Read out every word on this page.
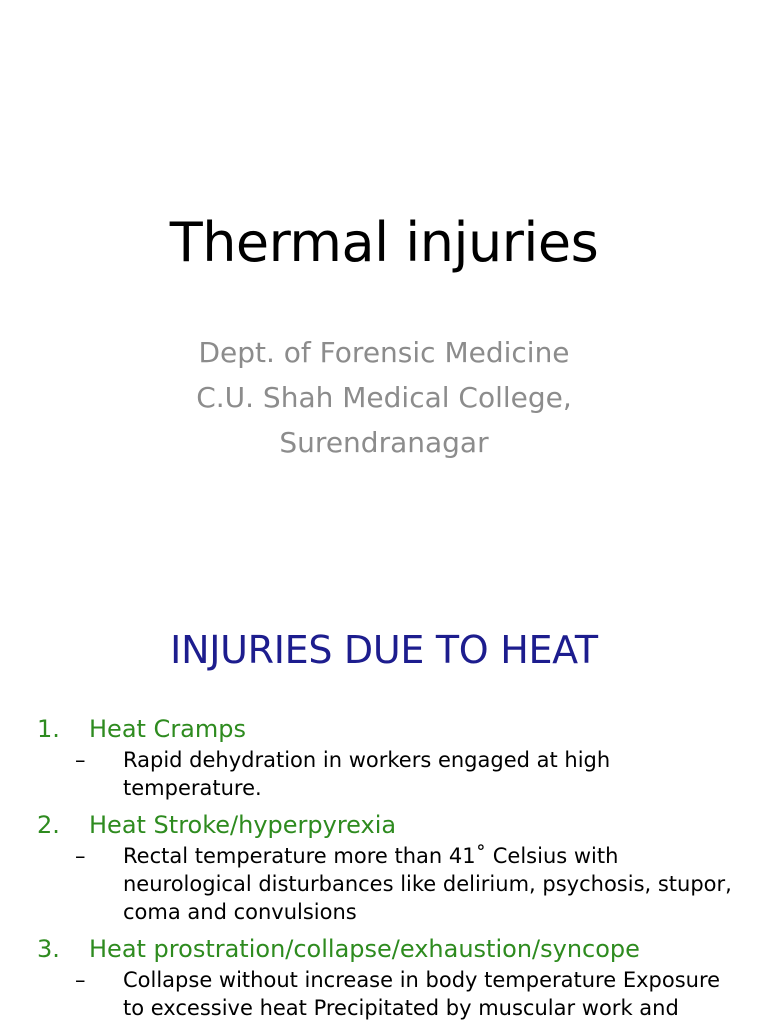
Thermal injuries
Dept. of Forensic Medicine
C.U. Shah Medical College,
Surendranagar
INJURIES DUE TO HEAT
1. Heat Cramps
– Rapid dehydration in workers engaged at high
temperature.
2. Heat Stroke/hyperpyrexia
– Rectal temperature more than 41˚ Celsius with
neurological disturbances like delirium, psychosis, stupor,
coma and convulsions
3. Heat prostration/collapse/exhaustion/syncope
– Collapse without increase in body temperature Exposure
to excessive heat Precipitated by muscular work and
